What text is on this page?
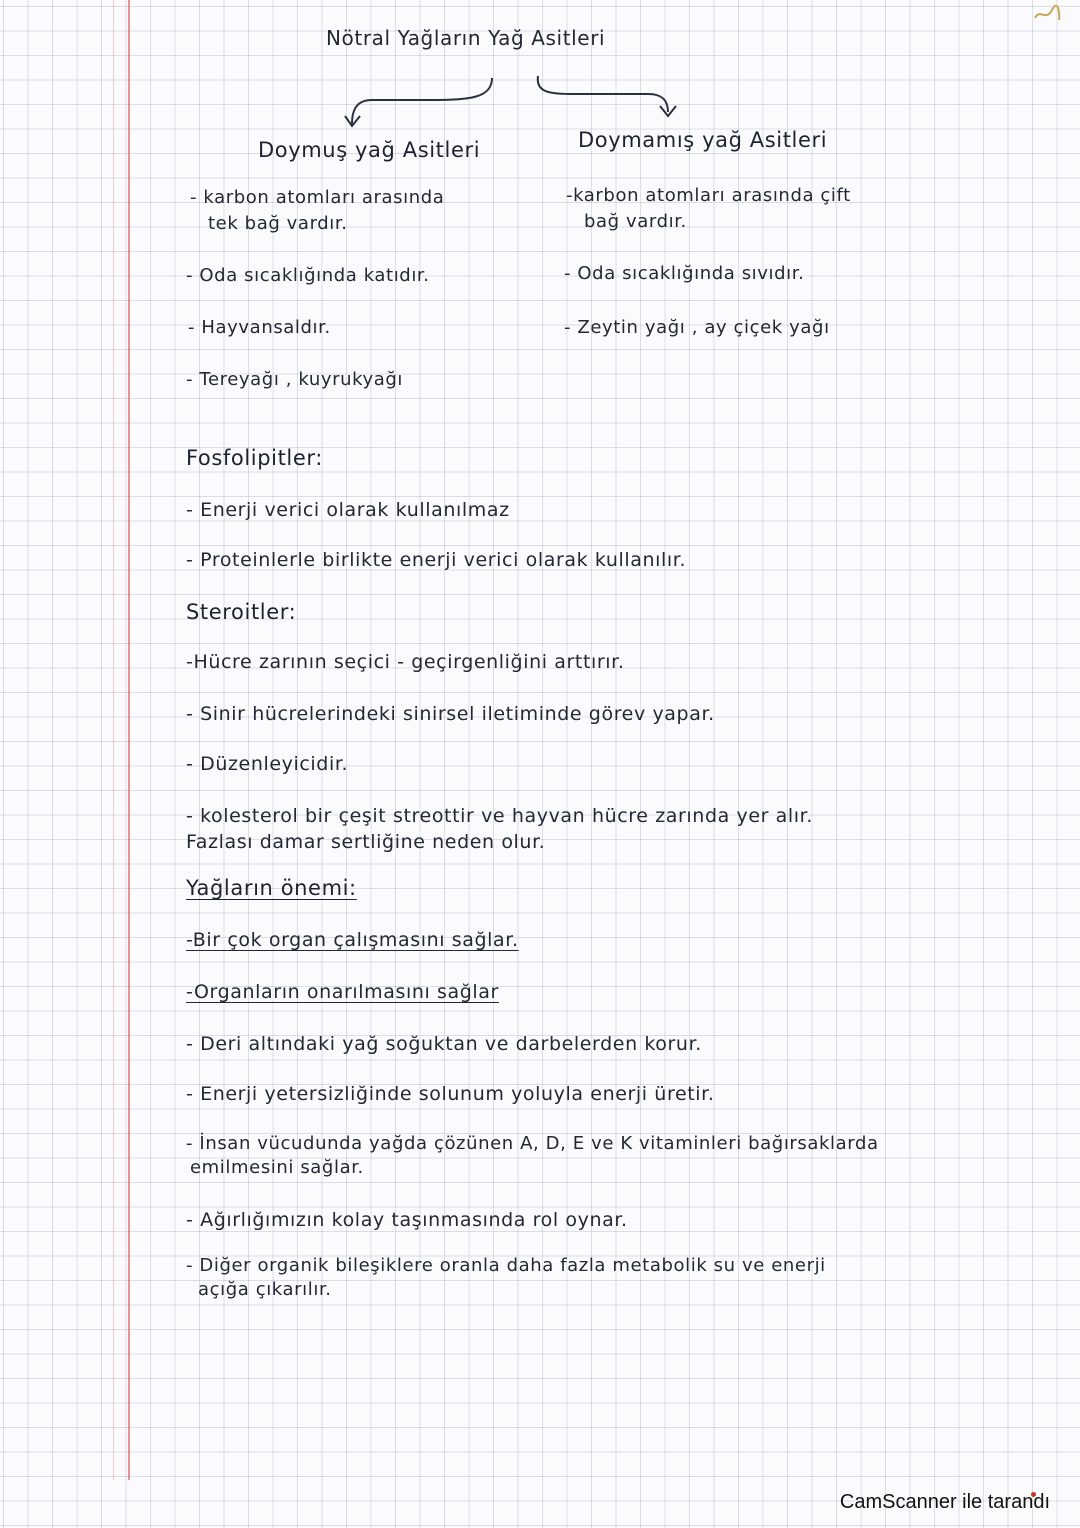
Nötral Yağların Yağ Asitleri
Doymuş yağ Asitleri	Doymamış yağ Asitleri
- karbon atomları arasında
tek bağ vardır.
- Oda sıcaklığında katıdır.
- Hayvansaldır.
- Tereyağı , kuyrukyağı
-karbon atomları arasında çift
bağ vardır.
- Oda sıcaklığında sıvıdır.
- Zeytin yağı , ay çiçek yağı
Fosfolipitler:
- Enerji verici olarak kullanılmaz
- Proteinlerle birlikte enerji verici olarak kullanılır.
Steroitler:
-Hücre zarının seçici - geçirgenliğini arttırır.
- Sinir hücrelerindeki sinirsel iletiminde görev yapar.
- Düzenleyicidir.
- kolesterol bir çeşit streottir ve hayvan hücre zarında yer alır.
Fazlası damar sertliğine neden olur.
Yağların önemi:
-Bir çok organ çalışmasını sağlar.
-Organların onarılmasını sağlar
- Deri altındaki yağ soğuktan ve darbelerden korur.
- Enerji yetersizliğinde solunum yoluyla enerji üretir.
- İnsan vücudunda yağda çözünen A, D, E ve K vitaminleri bağırsaklarda
emilmesini sağlar.
- Ağırlığımızın kolay taşınmasında rol oynar.
- Diğer organik bileşiklere oranla daha fazla metabolik su ve enerji
açığa çıkarılır.
CamScanner ile tarandı
